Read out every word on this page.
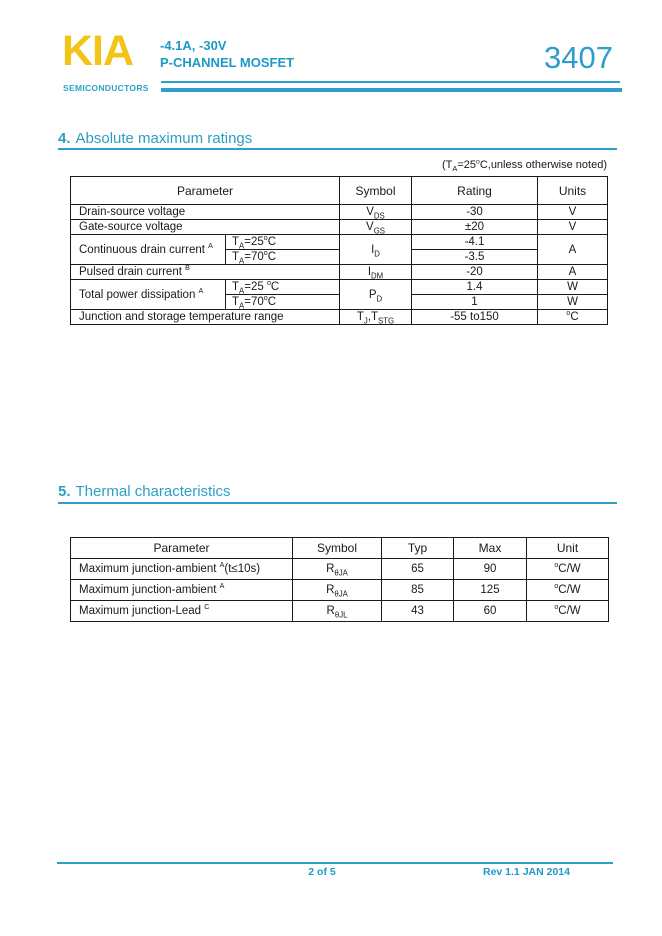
KIA
SEMICONDUCTORS
-4.1A, -30V
P-CHANNEL MOSFET	3407
4. Absolute maximum ratings
($T_A=25^oC,unless$ otherwise noted)
Parameter		Symbol	Rating	Units
Drain-source voltage		$V_{DS}$	-30	V
Gate-source voltage		$V_{GS}$	±20	V
Continuous drain current $^A$	$T_A=25^oC$	$I_D$	-4.1	A
	$T_A=70^oC$		-3.5	
Pulsed drain current $^B$		$I_{DM}$	-20	A
Total power dissipation $^A$	$T_A=25$ $^o$C	$P_D$	1.4	W
	$T_A=70^oC$		1	W
Junction and storage temperature range		$T_J,T_{STG}$	-55 to150	$^o$C
5. Thermal characteristics
Parameter	Symbol	Typ	Max	Unit
Maximum junction-ambient $^A$(t≤10s)	$R_{\theta JA}$	65	90	$^o$C/W
Maximum junction-ambient $^A$	$R_{\theta JA}$	85	125	$^o$C/W
Maximum junction-Lead $^C$	$R_{\theta JL}$	43	60	$^o$C/W
2 of 5	Rev 1.1 JAN 2014
